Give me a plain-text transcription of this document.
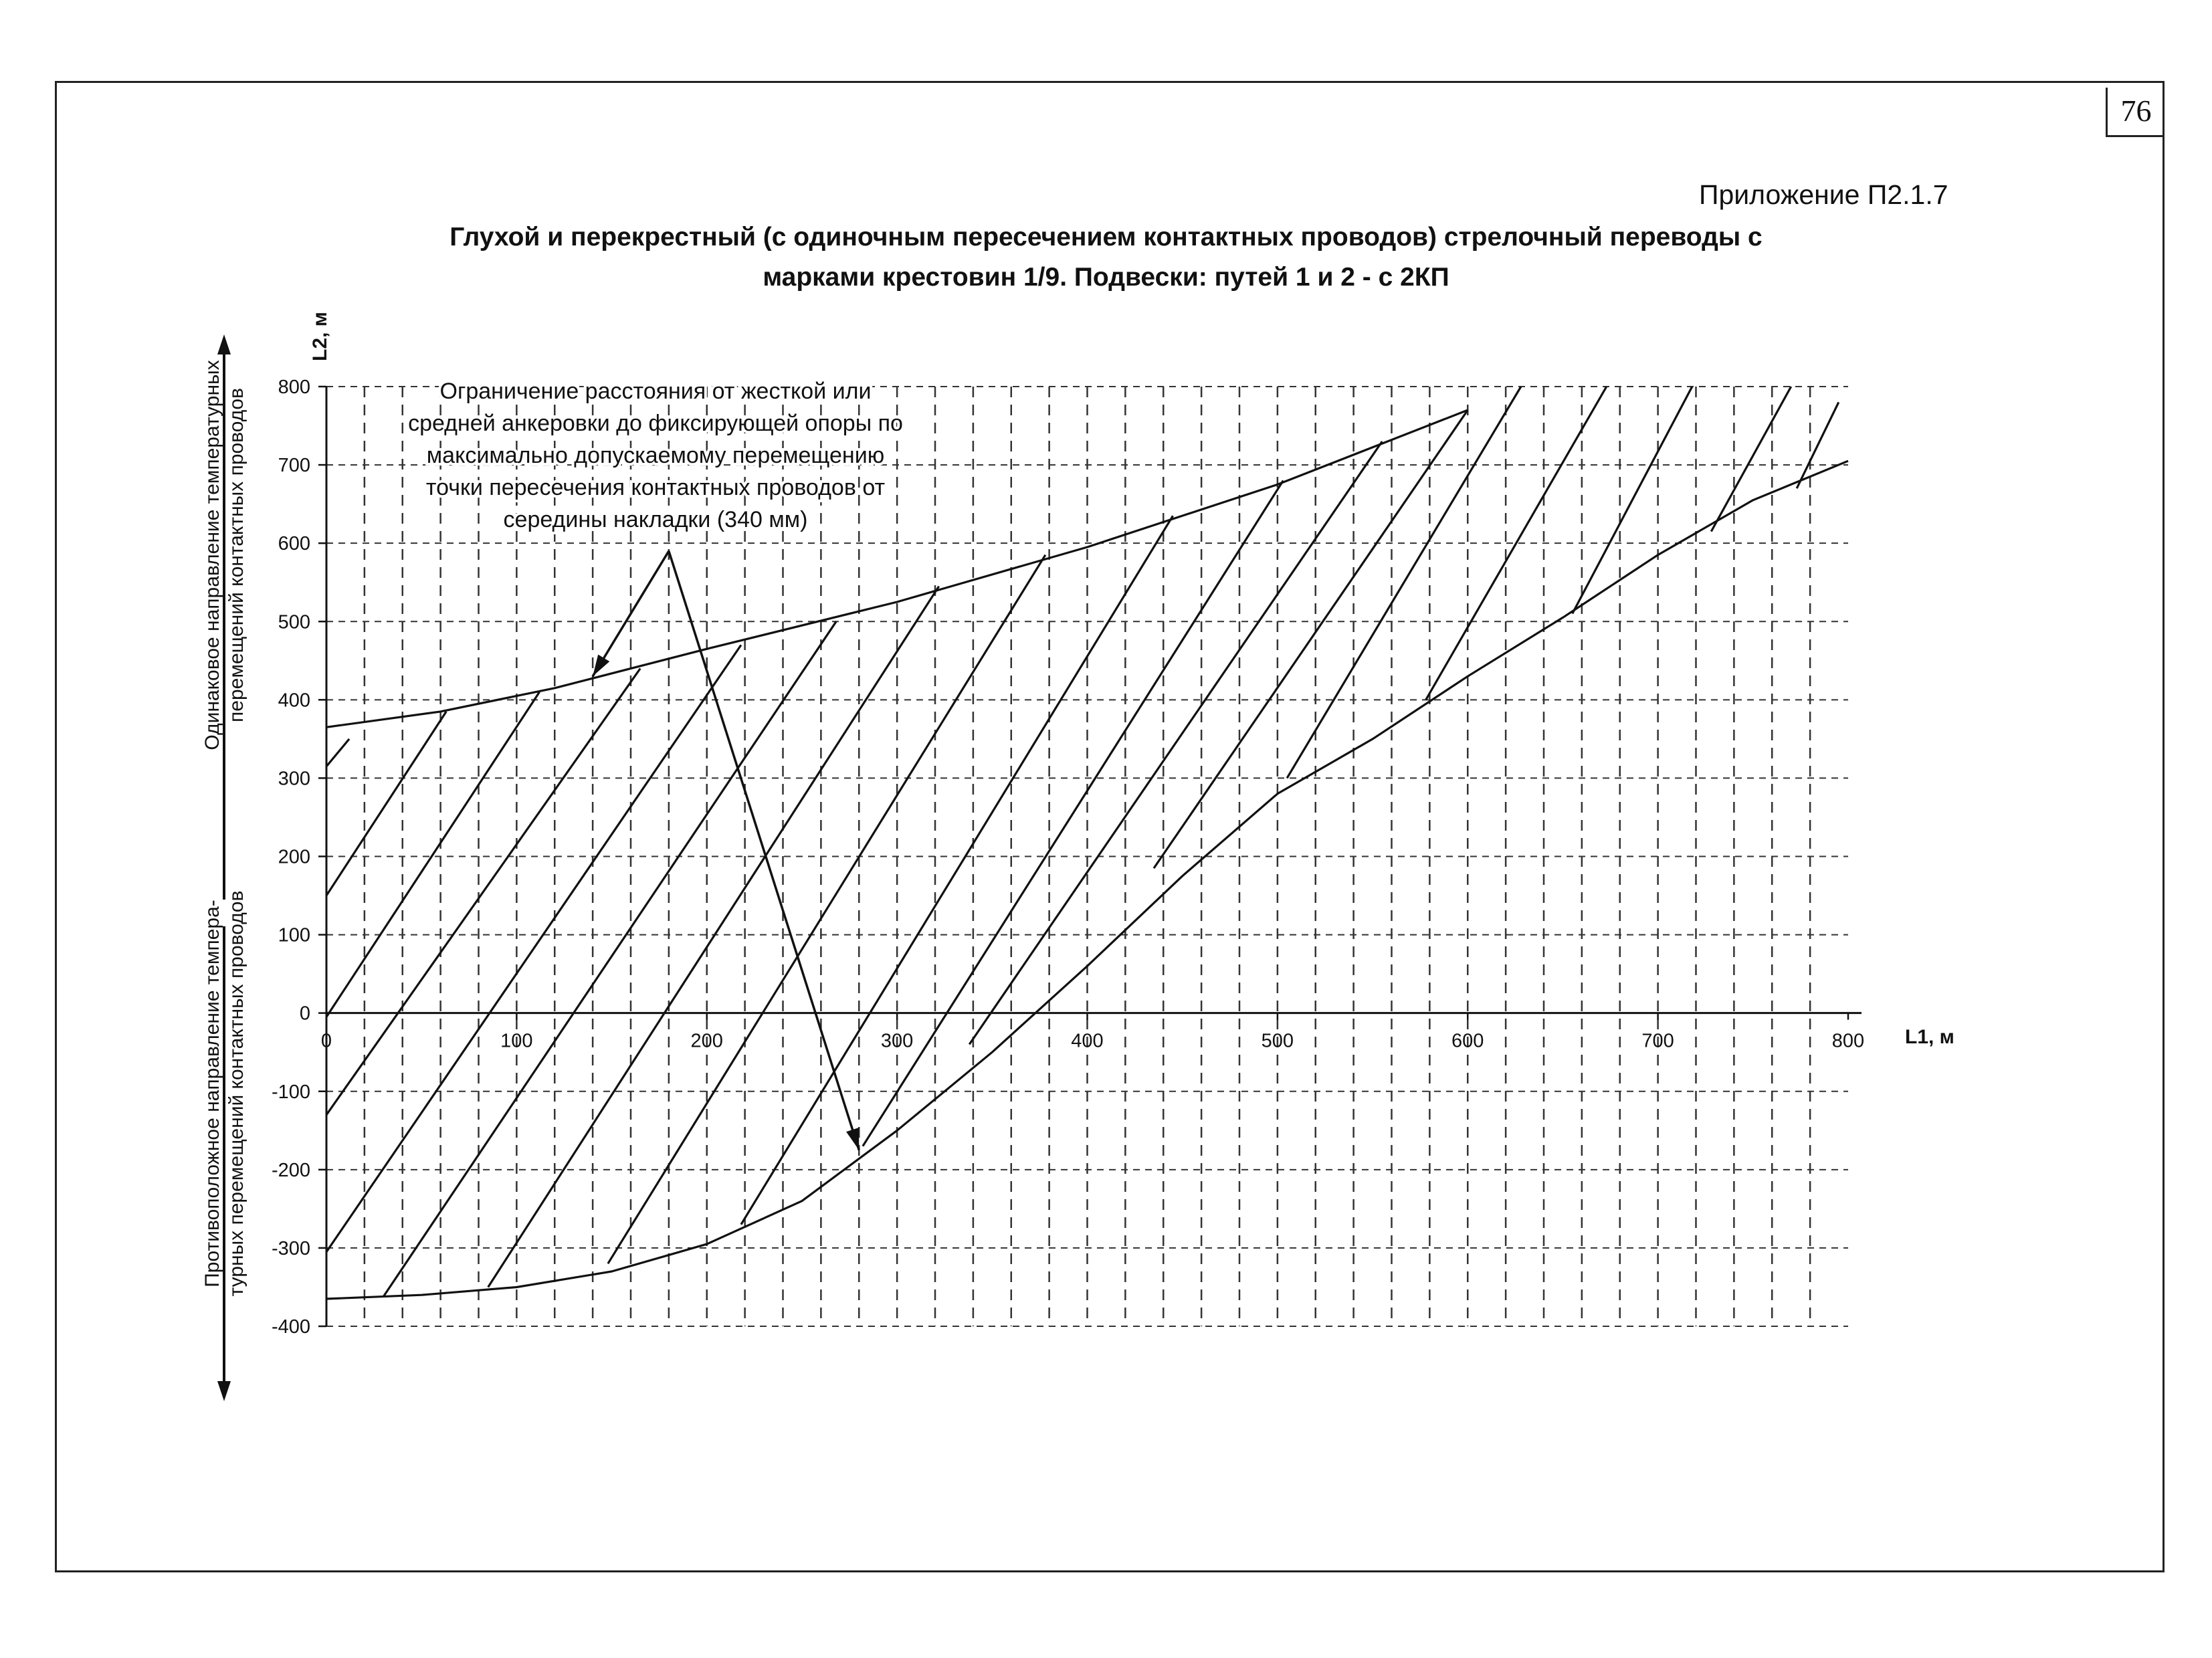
76
Приложение П2.1.7
Глухой и перекрестный (с одиночным пересечением контактных проводов) стрелочный переводы с
марками крестовин 1/9. Подвески: путей 1 и 2 - с 2КП
Одинаковое направление температурных перемещений контактных проводов
Противоположное направление темпера- турных перемещений контактных проводов
-400
-300
-200
-100
0
100
200
300
400
500
600
700
800
0	100	200	300	400	500	600	700	800
Ограничение расстояния от жесткой или
средней анкеровки до фиксирующей опоры по
максимально допускаемому перемещению
точки пересечения контактных проводов от
середины накладки (340 мм)
L2, м
L1, м
